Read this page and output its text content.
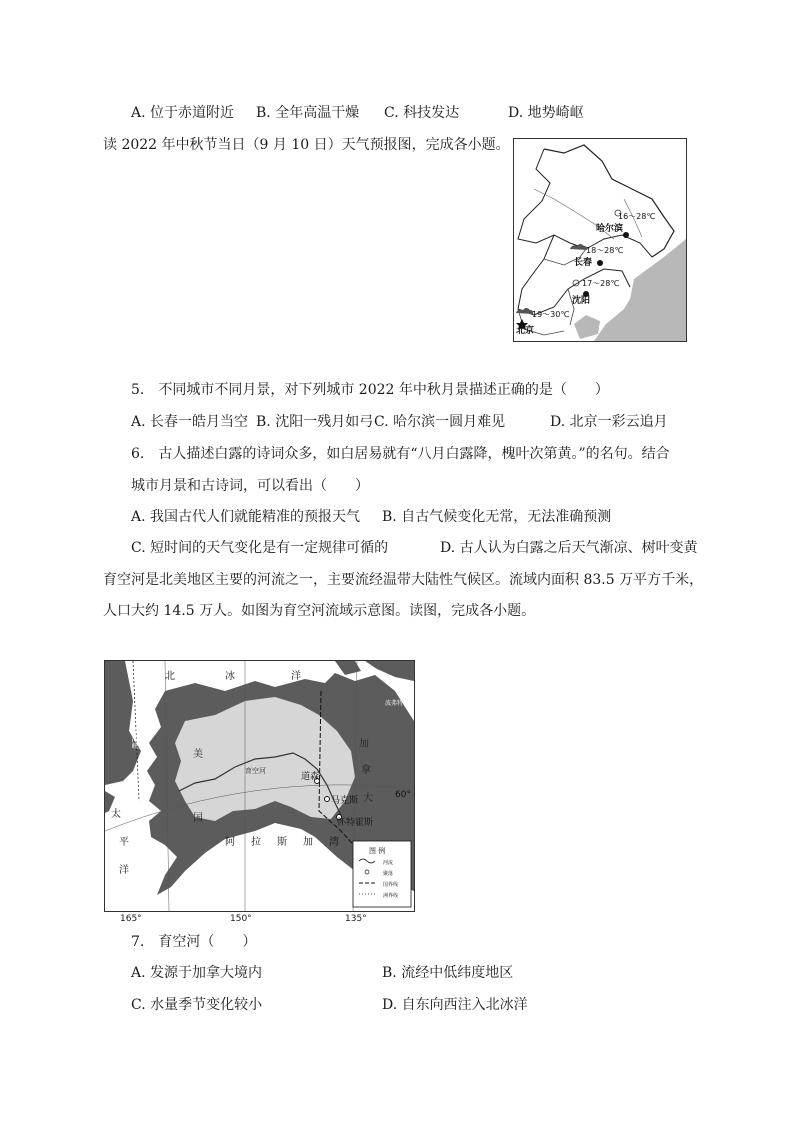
A. 位于赤道附近 B. 全年高温干燥 C. 科技发达	D. 地势崎岖
读 2022 年中秋节当日（9 月 10 日）天气预报图，完成各小题。
16～28℃
哈尔滨
18～28℃
长春
17～28℃
沈阳
19～30℃
北京
5.　不同城市不同月景，对下列城市 2022 年中秋月景描述正确的是（　　）
A. 长春一皓月当空 B. 沈阳一残月如弓 C. 哈尔滨一圆月难见	D. 北京一彩云追月
6.　古人描述白露的诗词众多，如白居易就有“八月白露降，槐叶次第黄。”的名句。结合
城市月景和古诗词，可以看出（　　）
A. 我国古代人们就能精准的预报天气 B. 自古气候变化无常，无法准确预测
C. 短时间的天气变化是有一定规律可循的	D. 古人认为白露之后天气渐凉、树叶变黄
育空河是北美地区主要的河流之一，主要流经温带大陆性气候区。流域内面积 83.5 万平方千米，
人口大约 14.5 万人。如图为育空河流域示意图。读图，完成各小题。
北	冰	洋
太
平
洋
美
国
加
拿
大
白令海峡
阿 拉 斯 加 湾
育空河
波弗特海
道森
马克斯
怀特霍斯
60°
图 例
河流
聚落
国界线
洲界线
165°	150°	135°
7.　育空河（　　）
A. 发源于加拿大境内	B. 流经中低纬度地区
C. 水量季节变化较小	D. 自东向西注入北冰洋
